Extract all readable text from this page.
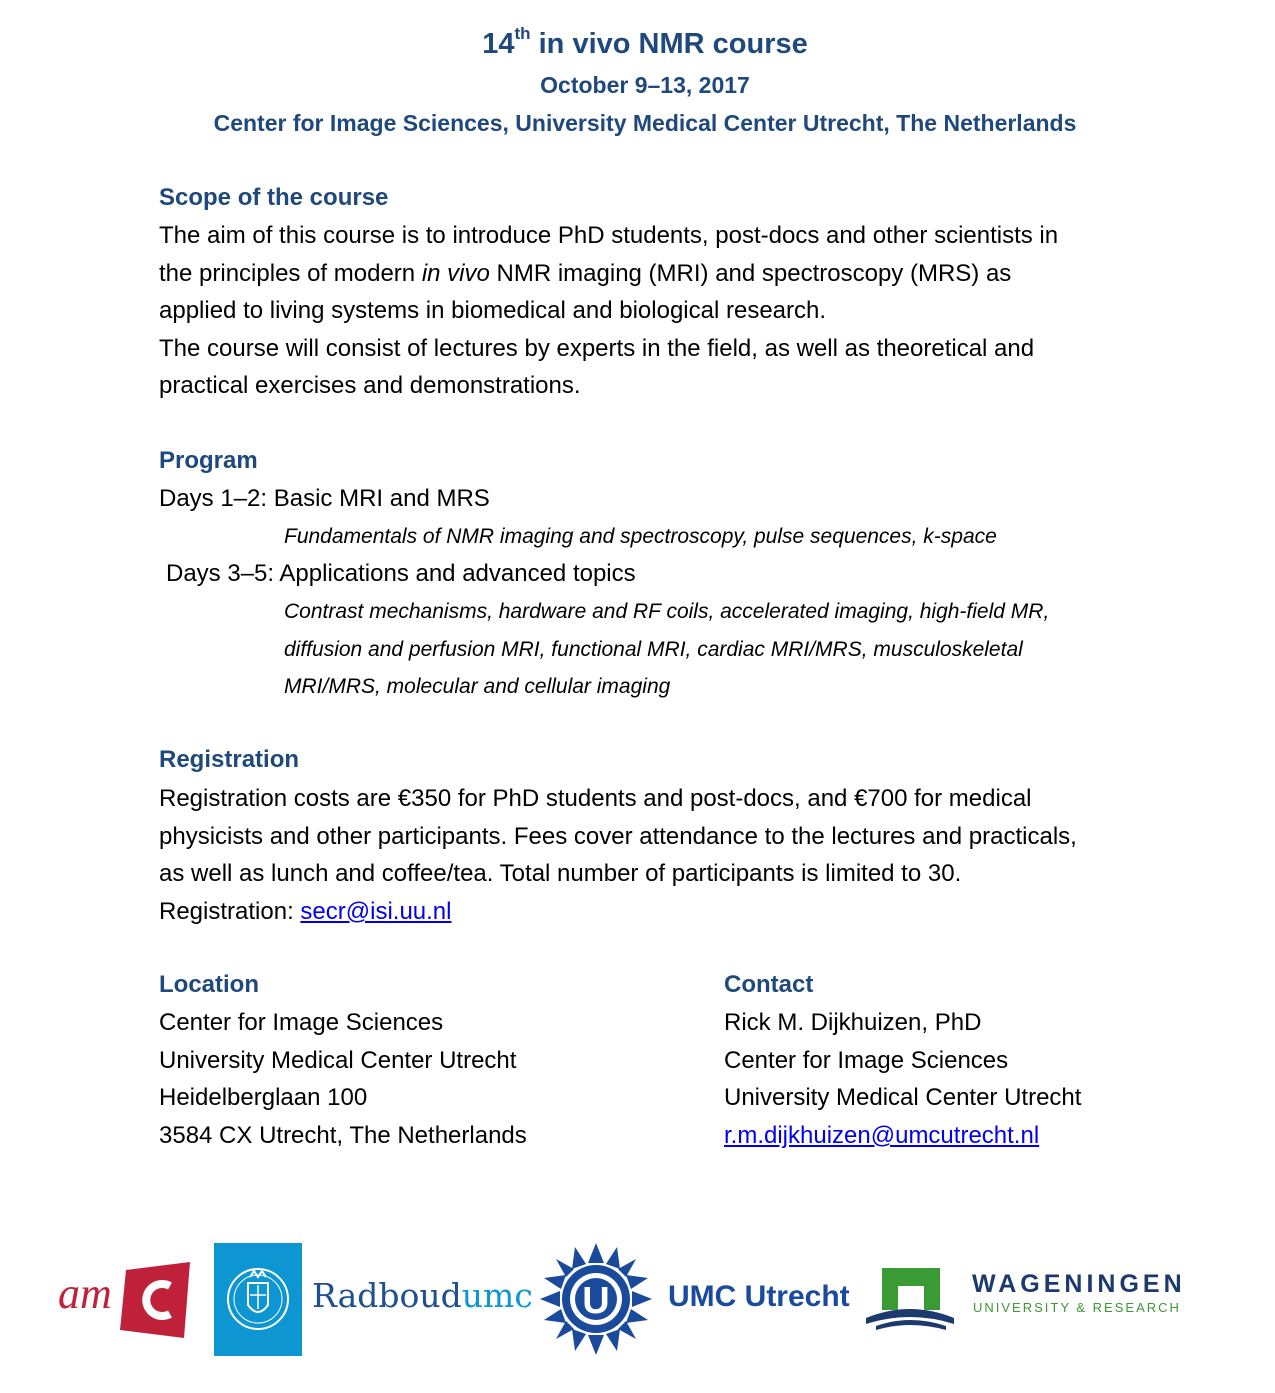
14th in vivo NMR course
October 9–13, 2017
Center for Image Sciences, University Medical Center Utrecht, The Netherlands
Scope of the course
The aim of this course is to introduce PhD students, post-docs and other scientists in
the principles of modern in vivo NMR imaging (MRI) and spectroscopy (MRS) as
applied to living systems in biomedical and biological research.
The course will consist of lectures by experts in the field, as well as theoretical and
practical exercises and demonstrations.
Program
Days 1–2: Basic MRI and MRS
Fundamentals of NMR imaging and spectroscopy, pulse sequences, k-space
Days 3–5: Applications and advanced topics
Contrast mechanisms, hardware and RF coils, accelerated imaging, high-field MR,
diffusion and perfusion MRI, functional MRI, cardiac MRI/MRS, musculoskeletal
MRI/MRS, molecular and cellular imaging
Registration
Registration costs are €350 for PhD students and post-docs, and €700 for medical
physicists and other participants. Fees cover attendance to the lectures and practicals,
as well as lunch and coffee/tea. Total number of participants is limited to 30.
Registration: secr@isi.uu.nl
Location
Center for Image Sciences
University Medical Center Utrecht
Heidelberglaan 100
3584 CX Utrecht, The Netherlands
Contact
Rick M. Dijkhuizen, PhD
Center for Image Sciences
University Medical Center Utrecht
r.m.dijkhuizen@umcutrecht.nl
am	Radboudumc U UMC Utrecht	WAGENINGEN
UNIVERSITY & RESEARCH
